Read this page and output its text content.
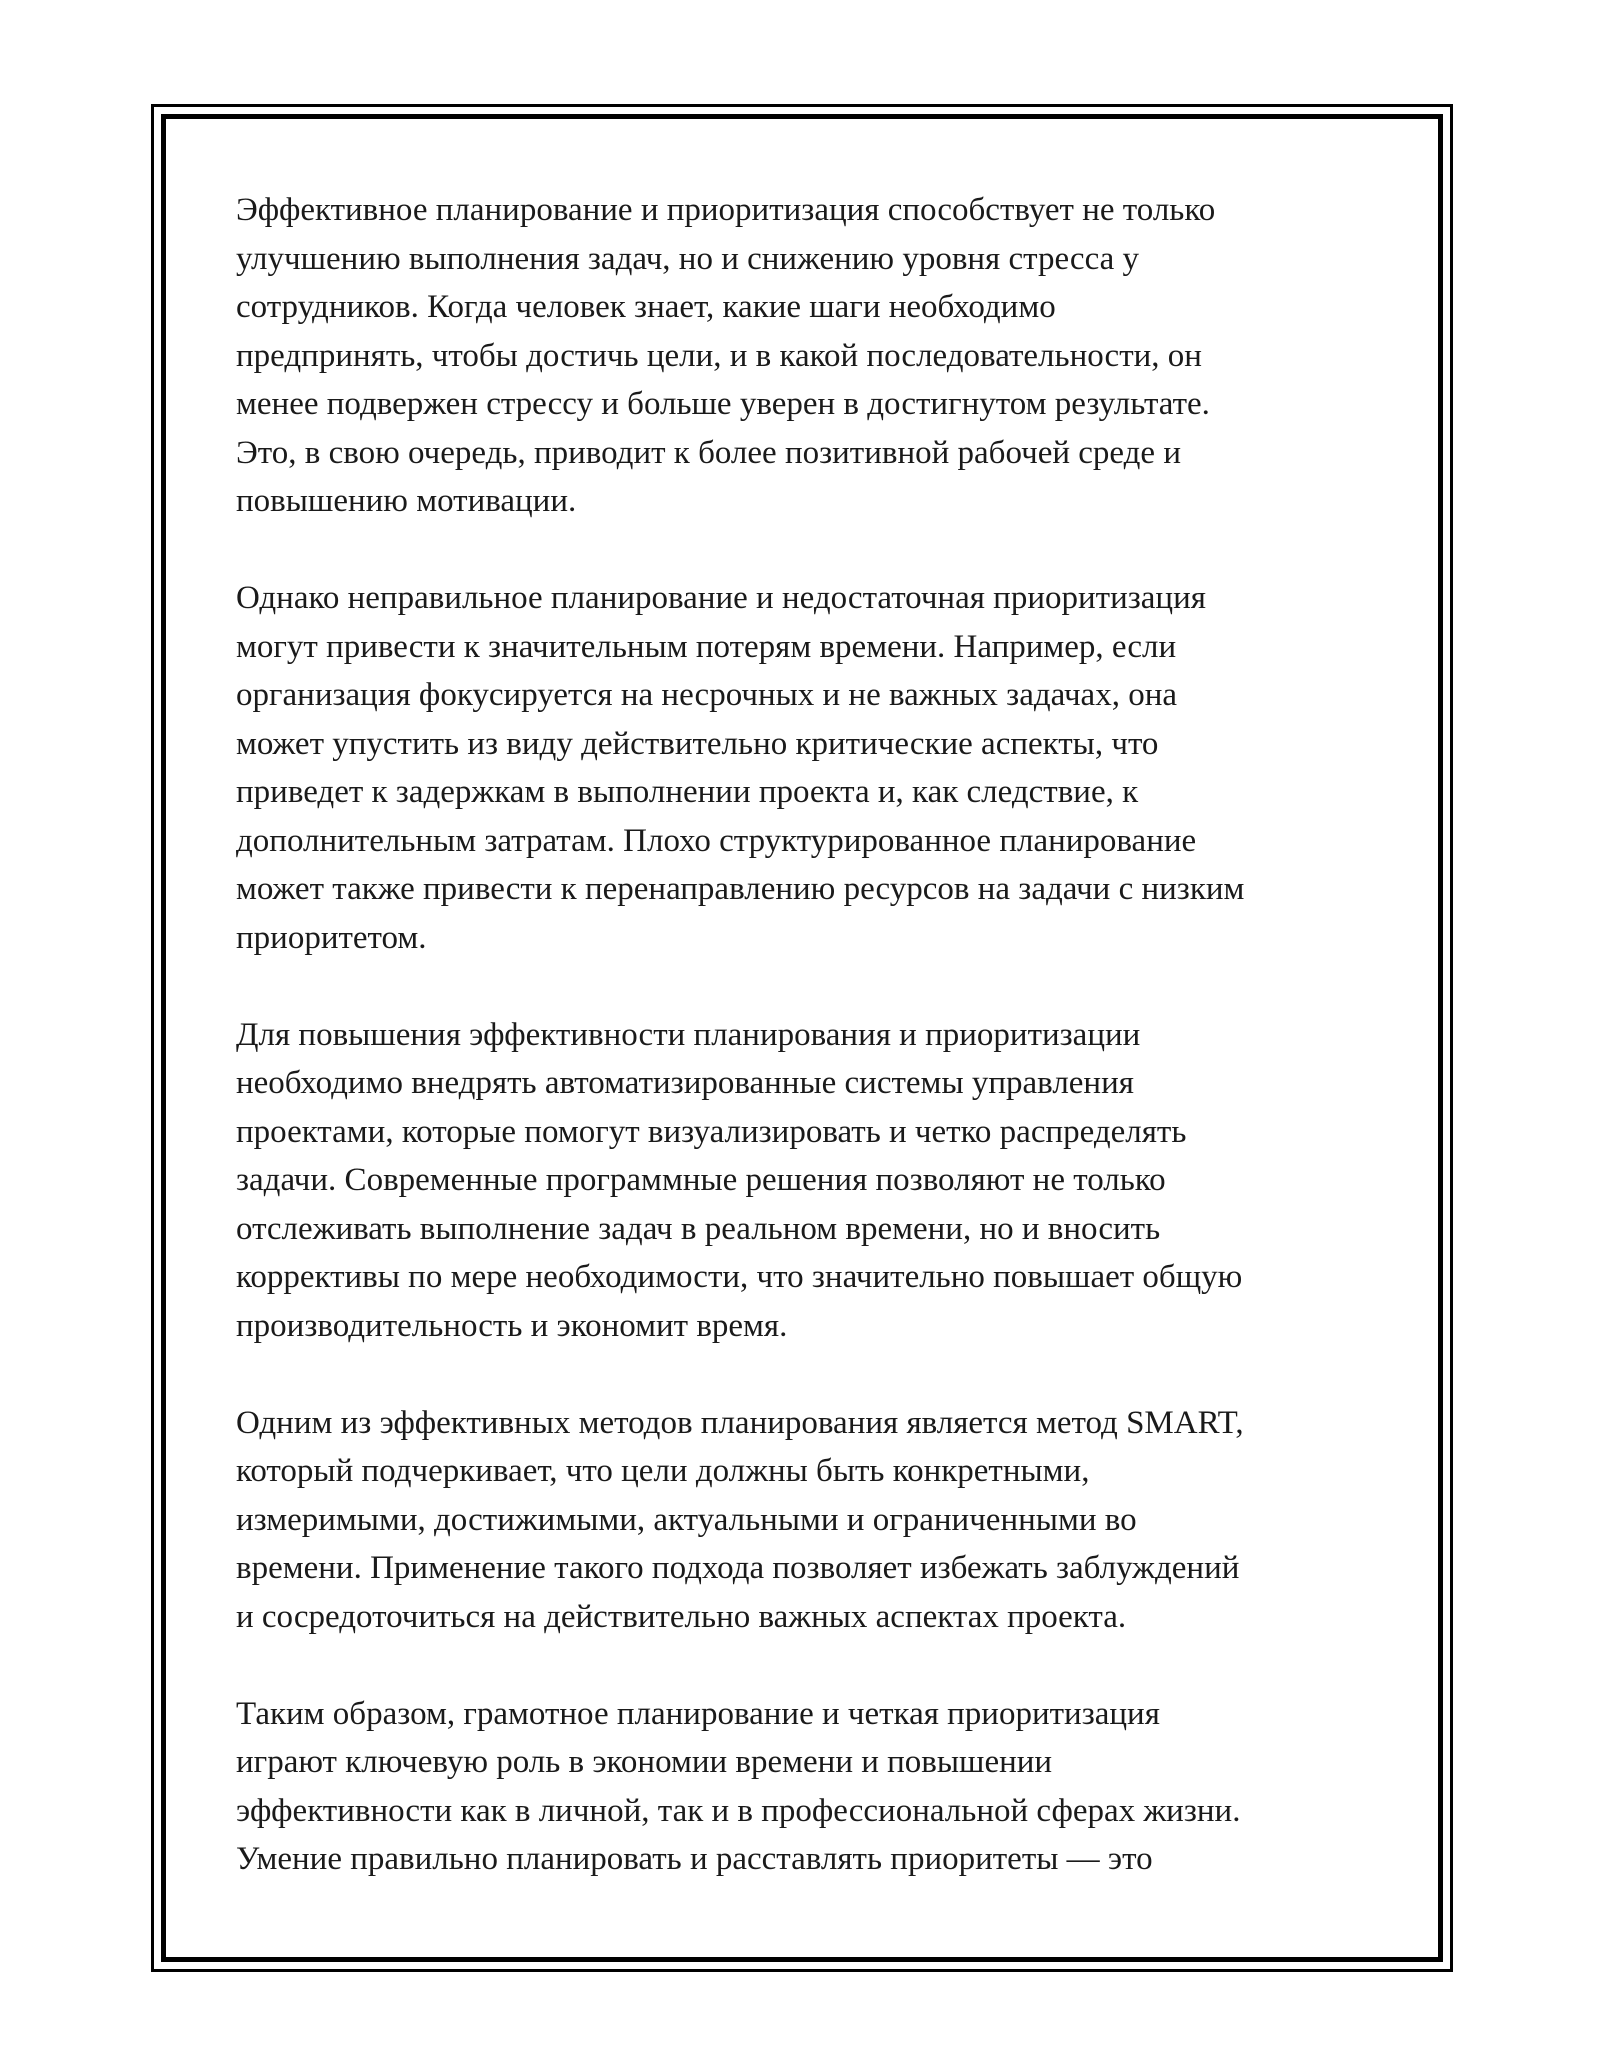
Эффективное планирование и приоритизация способствует не только
улучшению выполнения задач, но и снижению уровня стресса у
сотрудников. Когда человек знает, какие шаги необходимо
предпринять, чтобы достичь цели, и в какой последовательности, он
менее подвержен стрессу и больше уверен в достигнутом результате.
Это, в свою очередь, приводит к более позитивной рабочей среде и
повышению мотивации.
Однако неправильное планирование и недостаточная приоритизация
могут привести к значительным потерям времени. Например, если
организация фокусируется на несрочных и не важных задачах, она
может упустить из виду действительно критические аспекты, что
приведет к задержкам в выполнении проекта и, как следствие, к
дополнительным затратам. Плохо структурированное планирование
может также привести к перенаправлению ресурсов на задачи с низким
приоритетом.
Для повышения эффективности планирования и приоритизации
необходимо внедрять автоматизированные системы управления
проектами, которые помогут визуализировать и четко распределять
задачи. Современные программные решения позволяют не только
отслеживать выполнение задач в реальном времени, но и вносить
коррективы по мере необходимости, что значительно повышает общую
производительность и экономит время.
Одним из эффективных методов планирования является метод SMART,
который подчеркивает, что цели должны быть конкретными,
измеримыми, достижимыми, актуальными и ограниченными во
времени. Применение такого подхода позволяет избежать заблуждений
и сосредоточиться на действительно важных аспектах проекта.
Таким образом, грамотное планирование и четкая приоритизация
играют ключевую роль в экономии времени и повышении
эффективности как в личной, так и в профессиональной сферах жизни.
Умение правильно планировать и расставлять приоритеты — это
